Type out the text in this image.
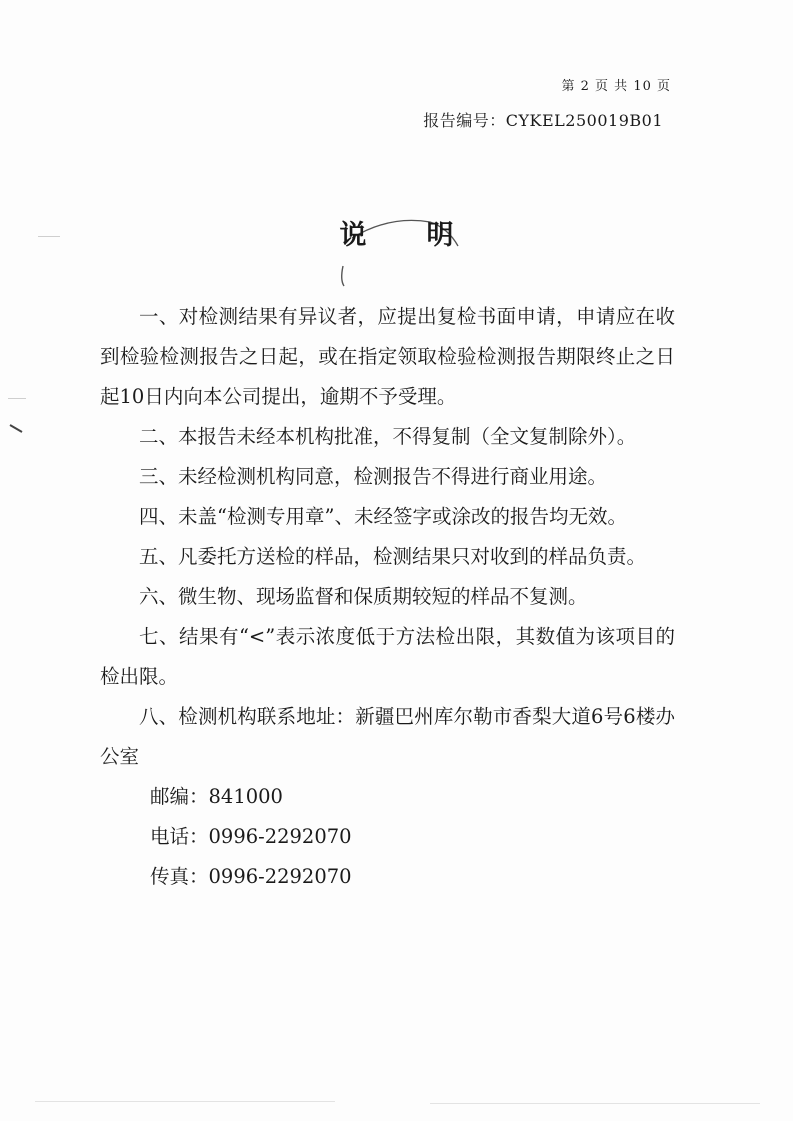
第 2 页 共 10 页
报告编号：CYKEL250019B01
说明

一、对检测结果有异议者，应提出复检书面申请，申请应在收到检验检测报告之日起，或在指定领取检验检测报告期限终止之日起10日内向本公司提出，逾期不予受理。

二、本报告未经本机构批准，不得复制（全文复制除外）。

三、未经检测机构同意，检测报告不得进行商业用途。

四、未盖“检测专用章”、未经签字或涂改的报告均无效。

五、凡委托方送检的样品，检测结果只对收到的样品负责。

六、微生物、现场监督和保质期较短的样品不复测。

七、结果有“<”表示浓度低于方法检出限，其数值为该项目的检出限。

八、检测机构联系地址：新疆巴州库尔勒市香梨大道6号6楼办公室

邮编：841000

电话：0996-2292070

传真：0996-2292070
